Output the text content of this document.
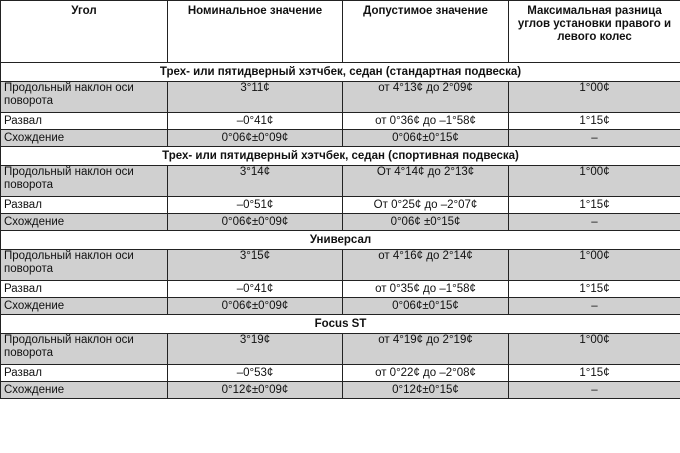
Угол	Номинальное значение	Допустимое значение	Максимальная разница углов установки правого и левого колес
Трех- или пятидверный хэтчбек, седан (стандартная подвеска)			
Продольный наклон оси поворота	3°11¢	от 4°13¢ до 2°09¢	1°00¢
Развал	–0°41¢	от 0°36¢ до –1°58¢	1°15¢
Схождение	0°06¢±0°09¢	0°06¢±0°15¢	–
Трех- или пятидверный хэтчбек, седан (спортивная подвеска)			
Продольный наклон оси поворота	3°14¢	От 4°14¢ до 2°13¢	1°00¢
Развал	–0°51¢	От 0°25¢ до –2°07¢	1°15¢
Схождение	0°06¢±0°09¢	0°06¢ ±0°15¢	–
Универсал			
Продольный наклон оси поворота	3°15¢	от 4°16¢ до 2°14¢	1°00¢
Развал	–0°41¢	от 0°35¢ до –1°58¢	1°15¢
Схождение	0°06¢±0°09¢	0°06¢±0°15¢	–
Focus ST			
Продольный наклон оси поворота	3°19¢	от 4°19¢ до 2°19¢	1°00¢
Развал	–0°53¢	от 0°22¢ до –2°08¢	1°15¢
Схождение	0°12¢±0°09¢	0°12¢±0°15¢	–
